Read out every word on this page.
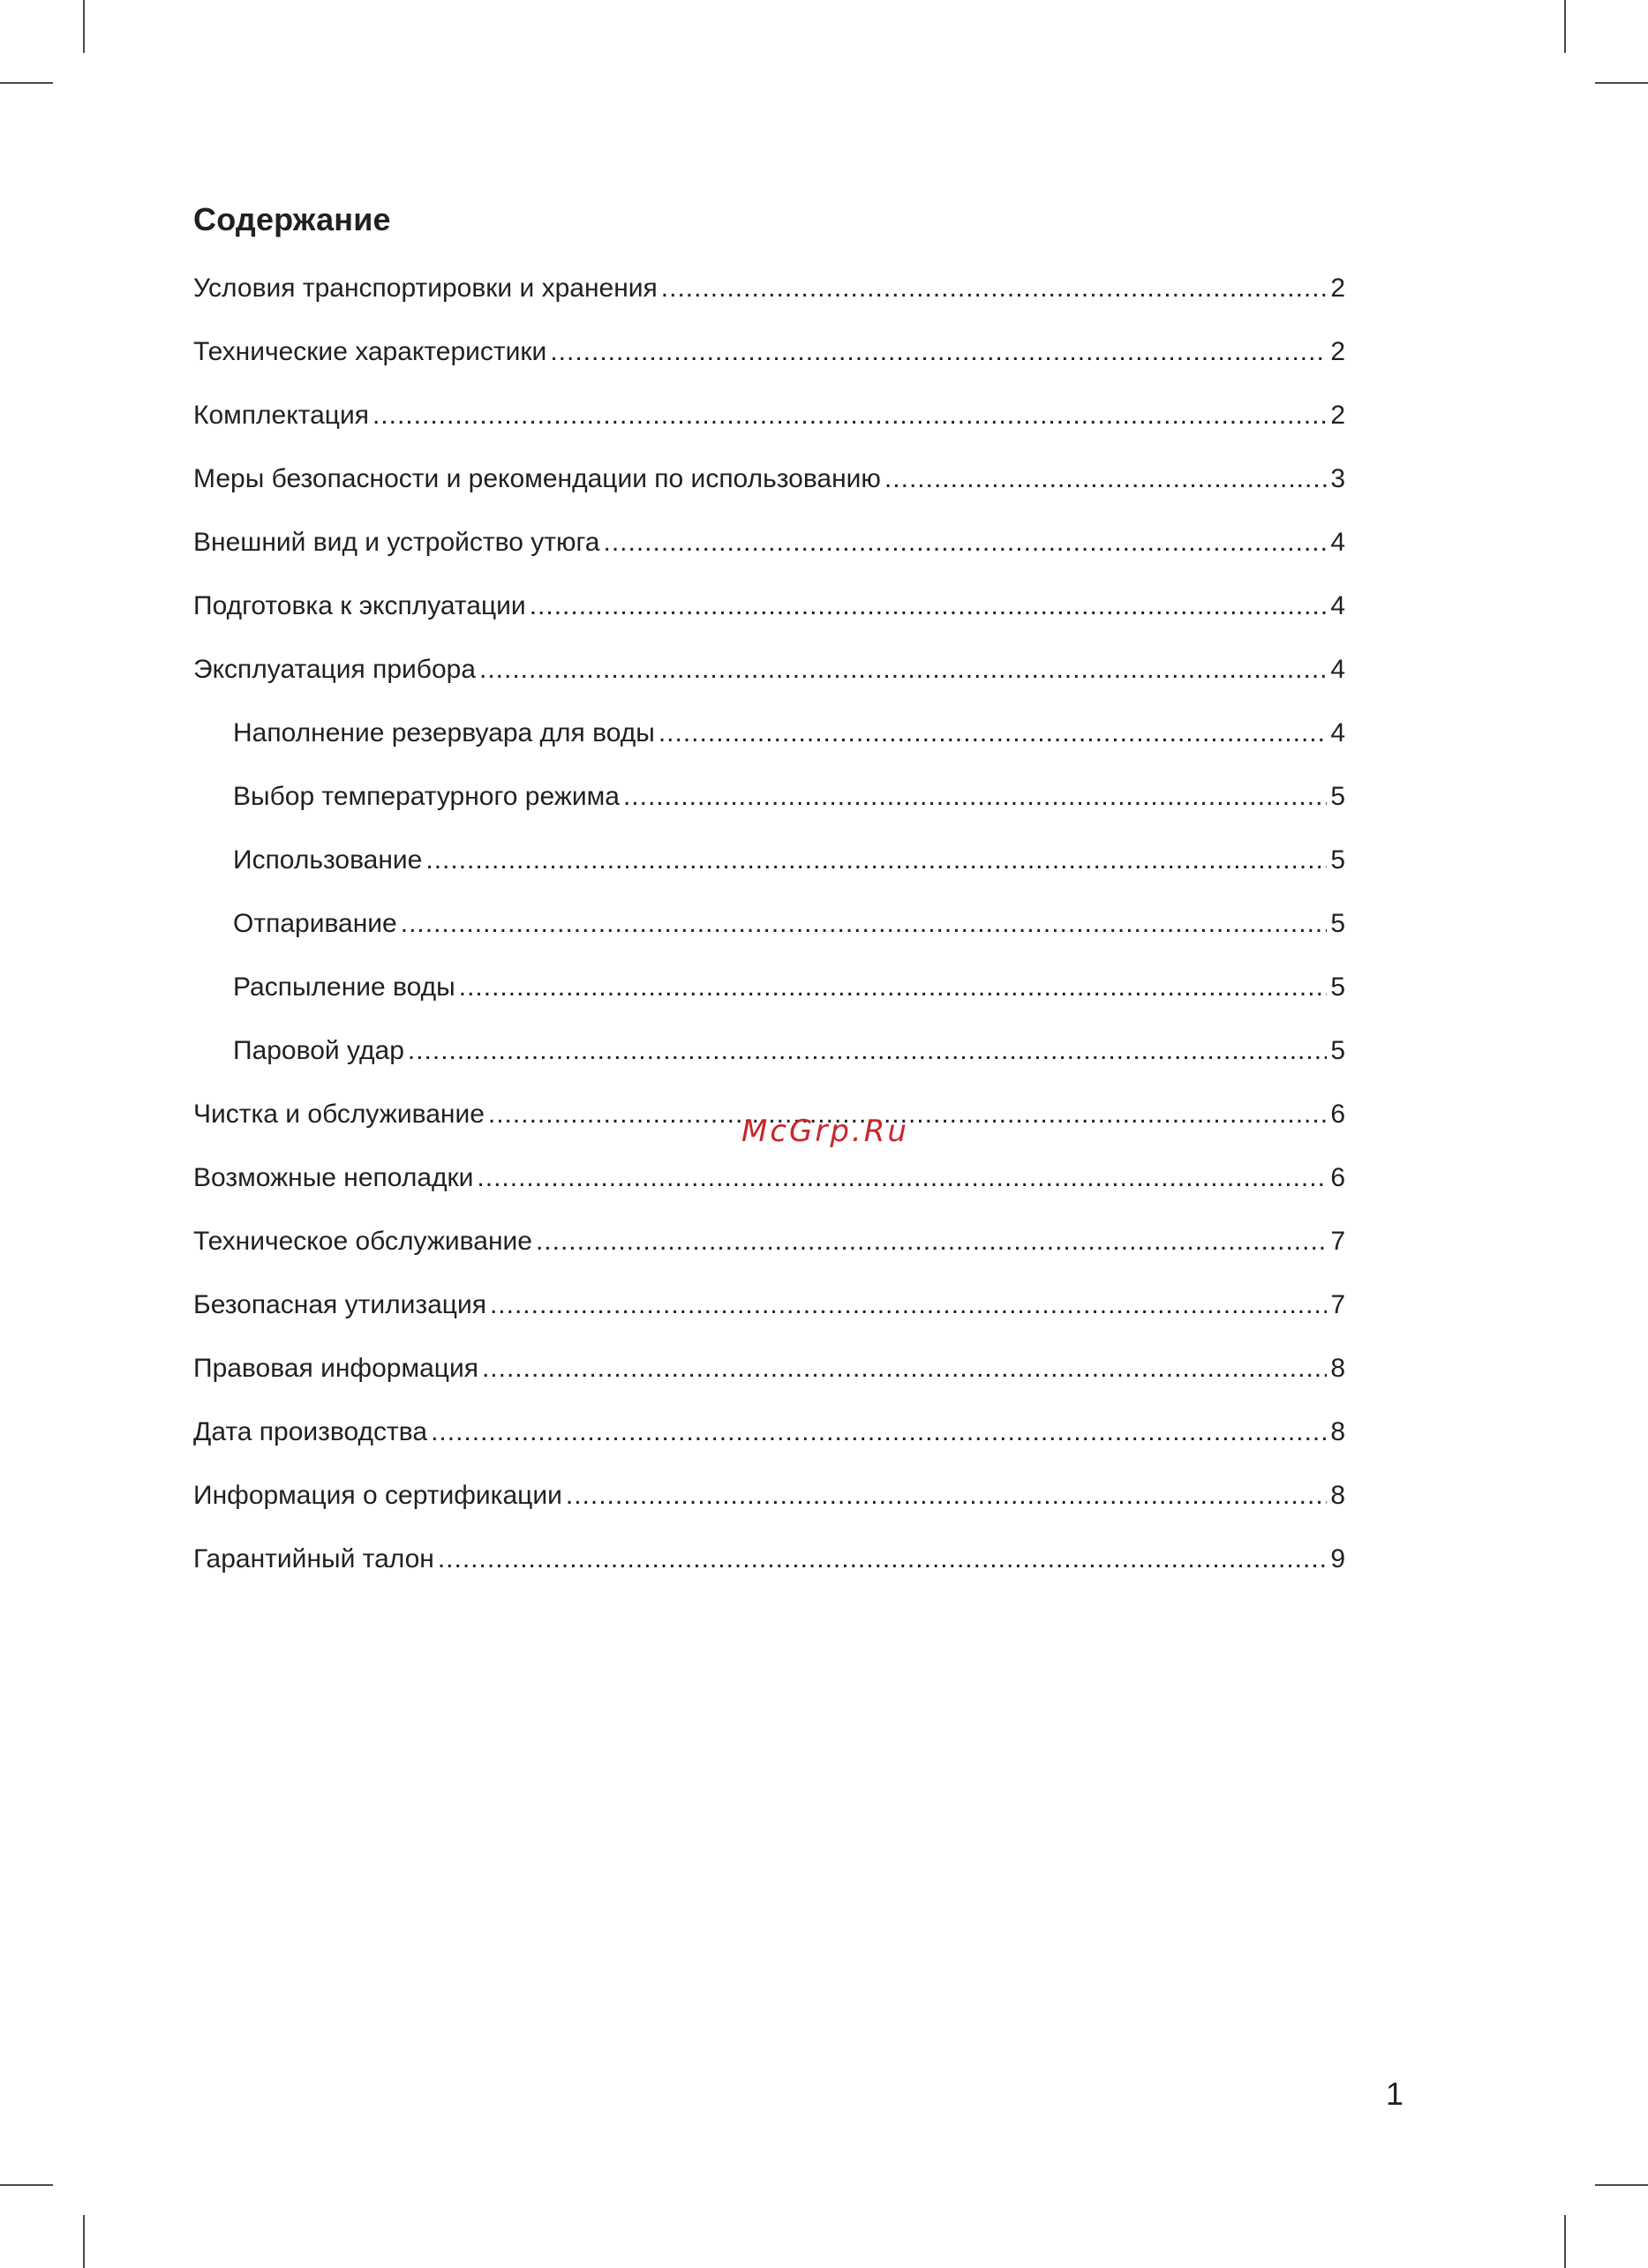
Содержание
Условия транспортировки и хранения .....	2
Технические характеристики .....	2
Комплектация .....	2
Меры безопасности и рекомендации по использованию .....	3
Внешний вид и устройство утюга .....	4
Подготовка к эксплуатации .....	4
Эксплуатация прибора .....	4
Наполнение резервуара для воды .....	4
Выбор температурного режима .....	5
Использование .....	5
Отпаривание .....	5
Распыление воды .....	5
Паровой удар .....	5
Чистка и обслуживание .....	6
Возможные неполадки .....	6
Техническое обслуживание .....	7
Безопасная утилизация .....	7
Правовая информация .....	8
Дата производства .....	8
Информация о сертификации .....	8
Гарантийный талон .....	9
McGrp.Ru
1
